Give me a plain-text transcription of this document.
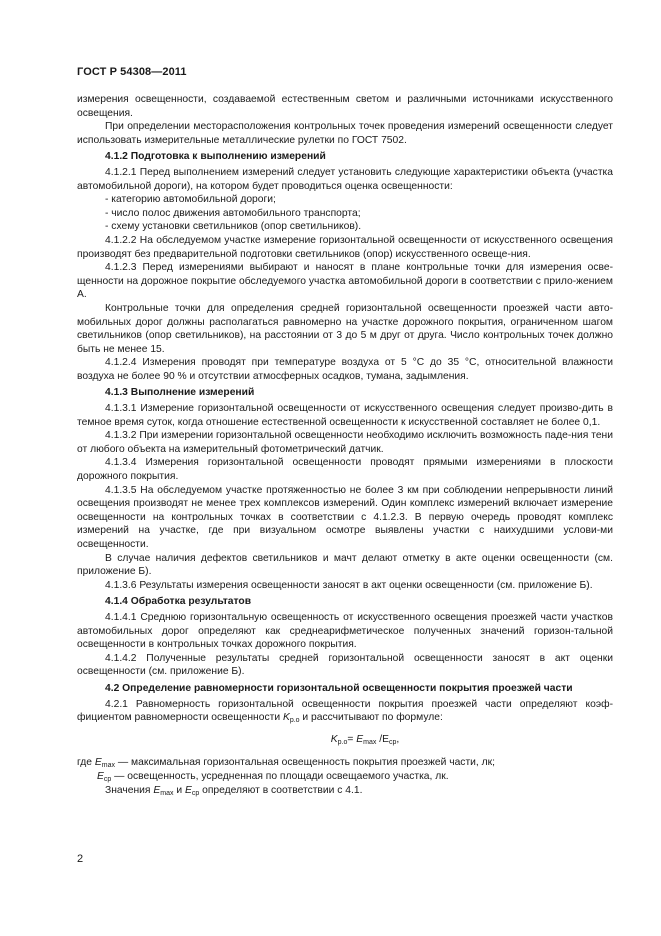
ГОСТ Р 54308—2011

измерения освещенности, создаваемой естественным светом и различными источниками искусственного освещения.

При определении месторасположения контрольных точек проведения измерений освещенности следует использовать измерительные металлические рулетки по ГОСТ 7502.

4.1.2 Подготовка к выполнению измерений

4.1.2.1 Перед выполнением измерений следует установить следующие характеристики объекта (участка автомобильной дороги), на котором будет проводиться оценка освещенности:

- категорию автомобильной дороги;

- число полос движения автомобильного транспорта;

- схему установки светильников (опор светильников).

4.1.2.2 На обследуемом участке измерение горизонтальной освещенности от искусственного освещения производят без предварительной подготовки светильников (опор) искусственного освеще-ния.

4.1.2.3 Перед измерениями выбирают и наносят в плане контрольные точки для измерения осве-щенности на дорожное покрытие обследуемого участка автомобильной дороги в соответствии с прило-жением А.

Контрольные точки для определения средней горизонтальной освещенности проезжей части авто-мобильных дорог должны располагаться равномерно на участке дорожного покрытия, ограниченном шагом светильников (опор светильников), на расстоянии от 3 до 5 м друг от друга. Число контрольных точек должно быть не менее 15.

4.1.2.4 Измерения проводят при температуре воздуха от 5 °С до 35 °С, относительной влажности воздуха не более 90 % и отсутствии атмосферных осадков, тумана, задымления.

4.1.3 Выполнение измерений

4.1.3.1 Измерение горизонтальной освещенности от искусственного освещения следует произво-дить в темное время суток, когда отношение естественной освещенности к искусственной составляет не более 0,1.

4.1.3.2 При измерении горизонтальной освещенности необходимо исключить возможность паде-ния тени от любого объекта на измерительный фотометрический датчик.

4.1.3.4 Измерения горизонтальной освещенности проводят прямыми измерениями в плоскости дорожного покрытия.

4.1.3.5 На обследуемом участке протяженностью не более 3 км при соблюдении непрерывности линий освещения производят не менее трех комплексов измерений. Один комплекс измерений включает измерение освещенности на контрольных точках в соответствии с 4.1.2.3. В первую очередь проводят комплекс измерений на участке, где при визуальном осмотре выявлены участки с наихудшими услови-ми освещенности.

В случае наличия дефектов светильников и мачт делают отметку в акте оценки освещенности (см. приложение Б).

4.1.3.6 Результаты измерения освещенности заносят в акт оценки освещенности (см. приложение Б).

4.1.4 Обработка результатов

4.1.4.1 Среднюю горизонтальную освещенность от искусственного освещения проезжей части участков автомобильных дорог определяют как среднеарифметическое полученных значений горизон-тальной освещенности в контрольных точках дорожного покрытия.

4.1.4.2 Полученные результаты средней горизонтальной освещенности заносят в акт оценки освещенности (см. приложение Б).

4.2 Определение равномерности горизонтальной освещенности покрытия проезжей части

4.2.1 Равномерность горизонтальной освещенности покрытия проезжей части определяют коэф-фициентом равномерности освещенности $K_{р.о}$ и рассчитывают по формуле:

$K_{р.о}= E_{max}$ $/E_{ср}$,

где $E_{max}$ — максимальная горизонтальная освещенность покрытия проезжей части, лк;

$E_{ср}$ — освещенность, усредненная по площади освещаемого участка, лк.

Значения $E_{max}$ и $E_{ср}$ определяют в соответствии с 4.1.

2
